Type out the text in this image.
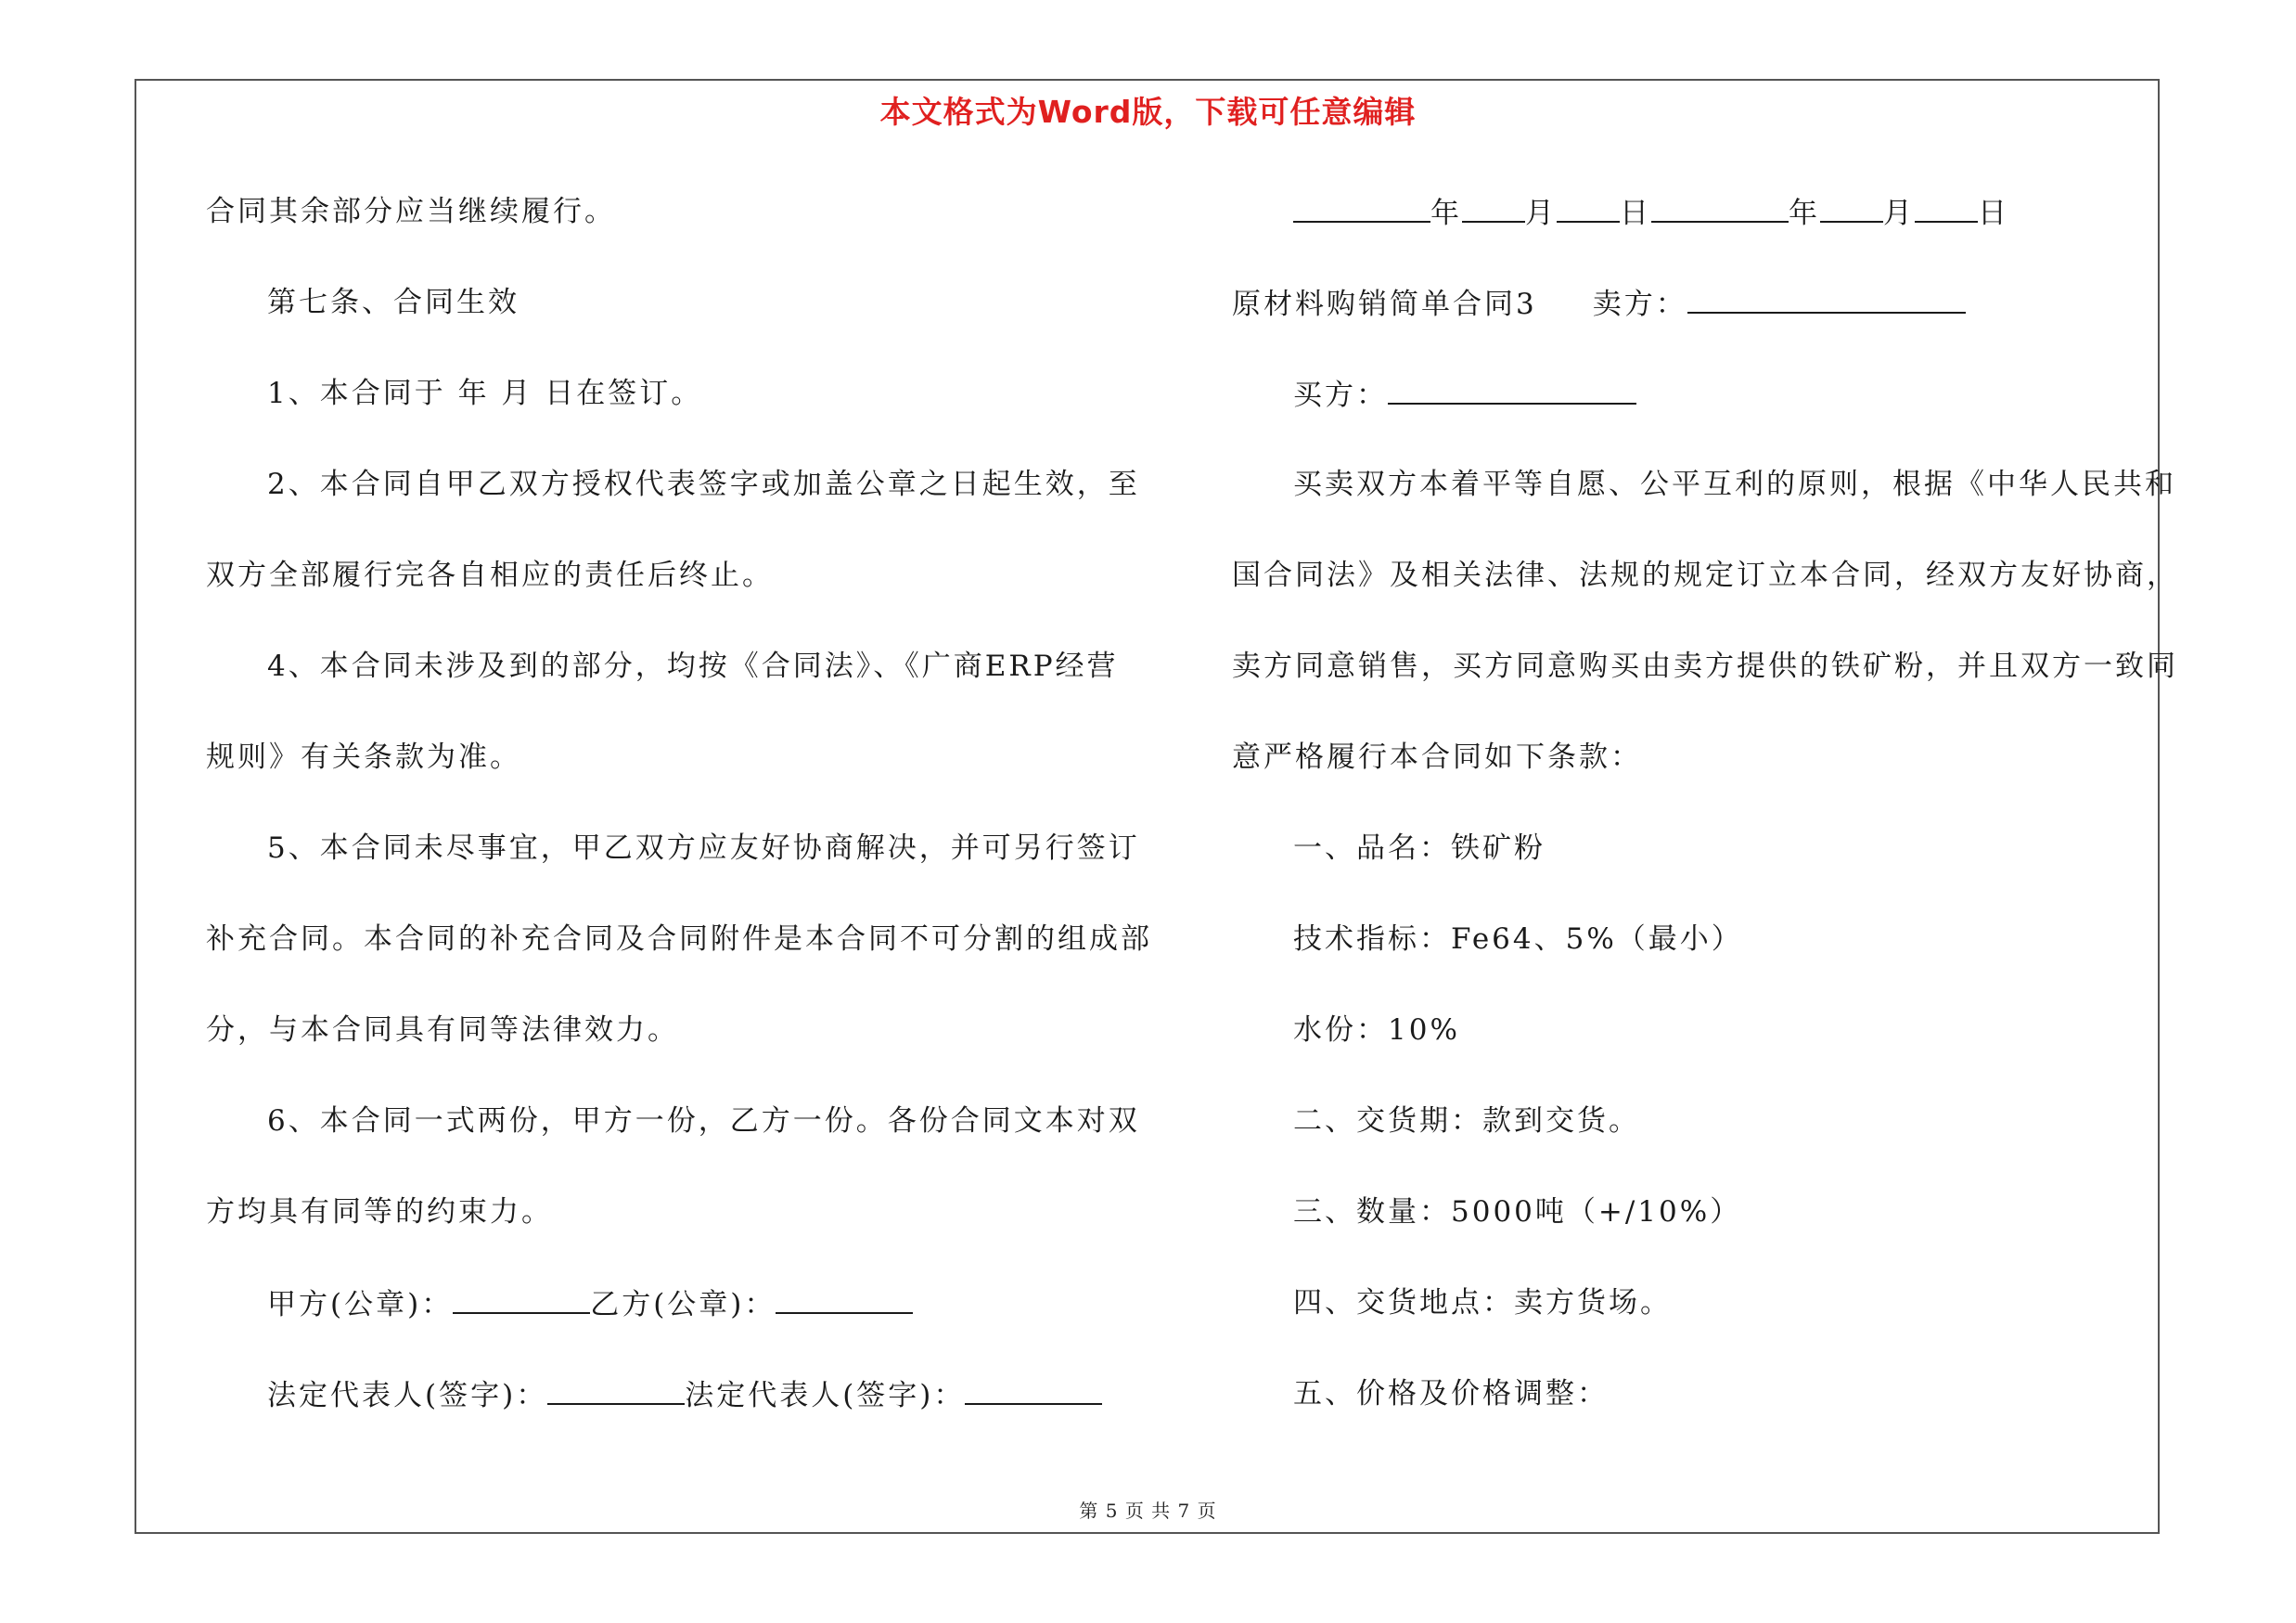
本文格式为Word版，下载可任意编辑
合同其余部分应当继续履行。
第七条、合同生效
1、本合同于 年 月 日在签订。
2、本合同自甲乙双方授权代表签字或加盖公章之日起生效，至
双方全部履行完各自相应的责任后终止。
4、本合同未涉及到的部分，均按《合同法》、《广商ERP经营
规则》有关条款为准。
5、本合同未尽事宜，甲乙双方应友好协商解决，并可另行签订
补充合同。本合同的补充合同及合同附件是本合同不可分割的组成部
分，与本合同具有同等法律效力。
6、本合同一式两份，甲方一份，乙方一份。各份合同文本对双
方均具有同等的约束力。
甲方(公章)：	乙方(公章)：
法定代表人(签字)：	法定代表人(签字)：
年 月 日	年 月 日
原材料购销简单合同3 卖方：
买方：
买卖双方本着平等自愿、公平互利的原则，根据《中华人民共和
国合同法》及相关法律、法规的规定订立本合同，经双方友好协商，
卖方同意销售，买方同意购买由卖方提供的铁矿粉，并且双方一致同
意严格履行本合同如下条款：
一、品名：铁矿粉
技术指标：Fe64、5%（最小）
水份：10%
二、交货期：款到交货。
三、数量：5000吨（+/10%）
四、交货地点：卖方货场。
五、价格及价格调整：
第 5 页 共 7 页
